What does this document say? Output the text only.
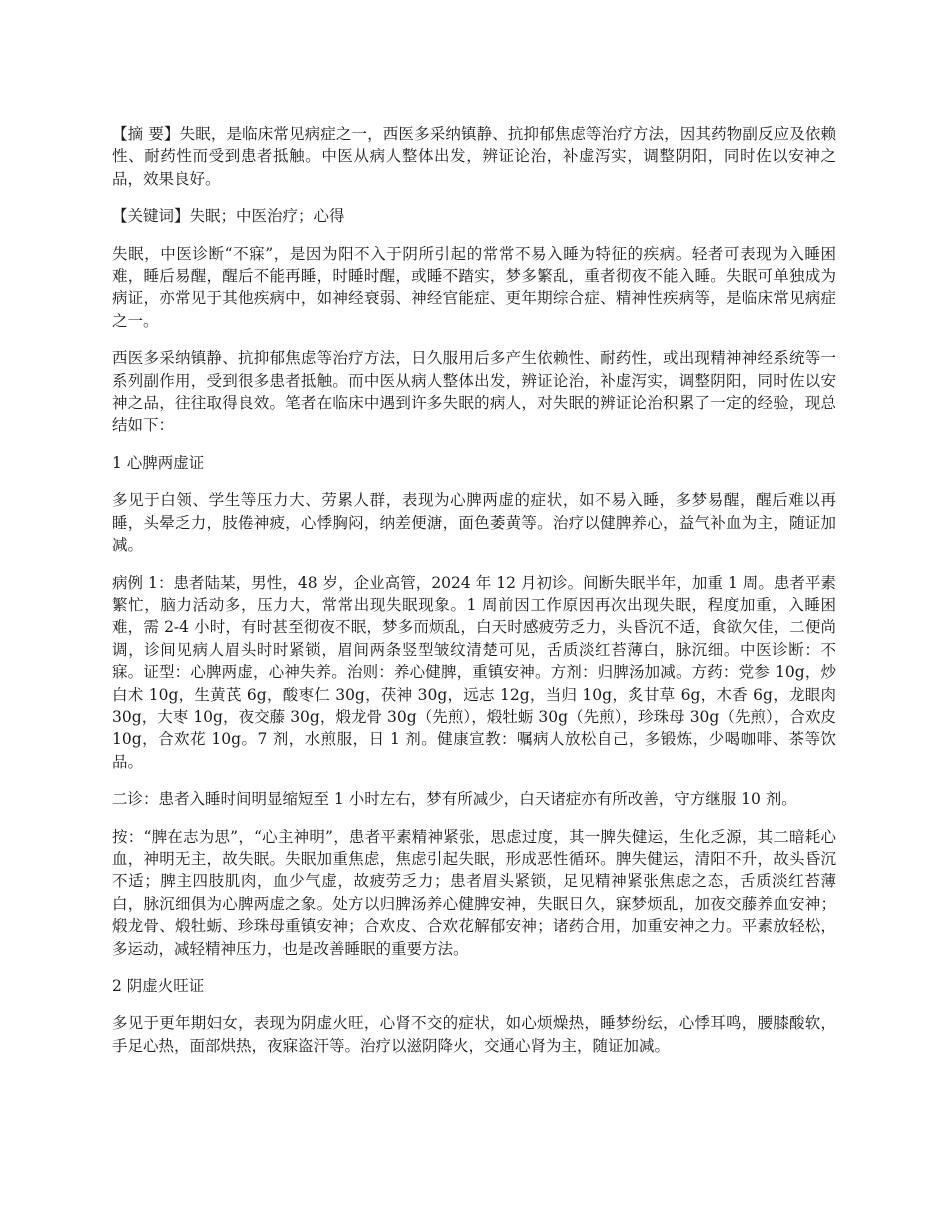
【摘 要】失眠，是临床常见病症之一，西医多采纳镇静、抗抑郁焦虑等治疗方法，因其药物副反应及依赖性、耐药性而受到患者抵触。中医从病人整体出发，辨证论治，补虚泻实，调整阴阳，同时佐以安神之品，效果良好。

【关键词】失眠；中医治疗；心得

失眠，中医诊断“不寐”，是因为阳不入于阴所引起的常常不易入睡为特征的疾病。轻者可表现为入睡困难，睡后易醒，醒后不能再睡，时睡时醒，或睡不踏实，梦多繁乱，重者彻夜不能入睡。失眠可单独成为病证，亦常见于其他疾病中，如神经衰弱、神经官能症、更年期综合症、精神性疾病等，是临床常见病症之一。

西医多采纳镇静、抗抑郁焦虑等治疗方法，日久服用后多产生依赖性、耐药性，或出现精神神经系统等一系列副作用，受到很多患者抵触。而中医从病人整体出发，辨证论治，补虚泻实，调整阴阳，同时佐以安神之品，往往取得良效。笔者在临床中遇到许多失眠的病人，对失眠的辨证论治积累了一定的经验，现总结如下：

1 心脾两虚证

多见于白领、学生等压力大、劳累人群，表现为心脾两虚的症状，如不易入睡，多梦易醒，醒后难以再睡，头晕乏力，肢倦神疲，心悸胸闷，纳差便溏，面色萎黄等。治疗以健脾养心，益气补血为主，随证加减。

病例 1：患者陆某，男性，48 岁，企业高管，2024 年 12 月初诊。间断失眠半年，加重 1 周。患者平素繁忙，脑力活动多，压力大，常常出现失眠现象。1 周前因工作原因再次出现失眠，程度加重，入睡困难，需 2-4 小时，有时甚至彻夜不眠，梦多而烦乱，白天时感疲劳乏力，头昏沉不适，食欲欠佳，二便尚调，诊间见病人眉头时时紧锁，眉间两条竖型皱纹清楚可见，舌质淡红苔薄白，脉沉细。中医诊断：不寐。证型：心脾两虚，心神失养。治则：养心健脾，重镇安神。方剂：归脾汤加减。方药：党参 10g，炒白术 10g，生黄芪 6g，酸枣仁 30g，茯神 30g，远志 12g，当归 10g，炙甘草 6g，木香 6g，龙眼肉 30g，大枣 10g，夜交藤 30g，煅龙骨 30g（先煎），煅牡蛎 30g（先煎），珍珠母 30g（先煎），合欢皮 10g，合欢花 10g。7 剂，水煎服，日 1 剂。健康宣教：嘱病人放松自己，多锻炼，少喝咖啡、茶等饮品。

二诊：患者入睡时间明显缩短至 1 小时左右，梦有所减少，白天诸症亦有所改善，守方继服 10 剂。

按：“脾在志为思”，“心主神明”，患者平素精神紧张，思虑过度，其一脾失健运，生化乏源，其二暗耗心血，神明无主，故失眠。失眠加重焦虑，焦虑引起失眠，形成恶性循环。脾失健运，清阳不升，故头昏沉不适；脾主四肢肌肉，血少气虚，故疲劳乏力；患者眉头紧锁，足见精神紧张焦虑之态，舌质淡红苔薄白，脉沉细俱为心脾两虚之象。处方以归脾汤养心健脾安神，失眠日久，寐梦烦乱，加夜交藤养血安神；煅龙骨、煅牡蛎、珍珠母重镇安神；合欢皮、合欢花解郁安神；诸药合用，加重安神之力。平素放轻松，多运动，减轻精神压力，也是改善睡眠的重要方法。

2 阴虚火旺证

多见于更年期妇女，表现为阴虚火旺，心肾不交的症状，如心烦燥热，睡梦纷纭，心悸耳鸣，腰膝酸软，手足心热，面部烘热，夜寐盗汗等。治疗以滋阴降火，交通心肾为主，随证加减。
